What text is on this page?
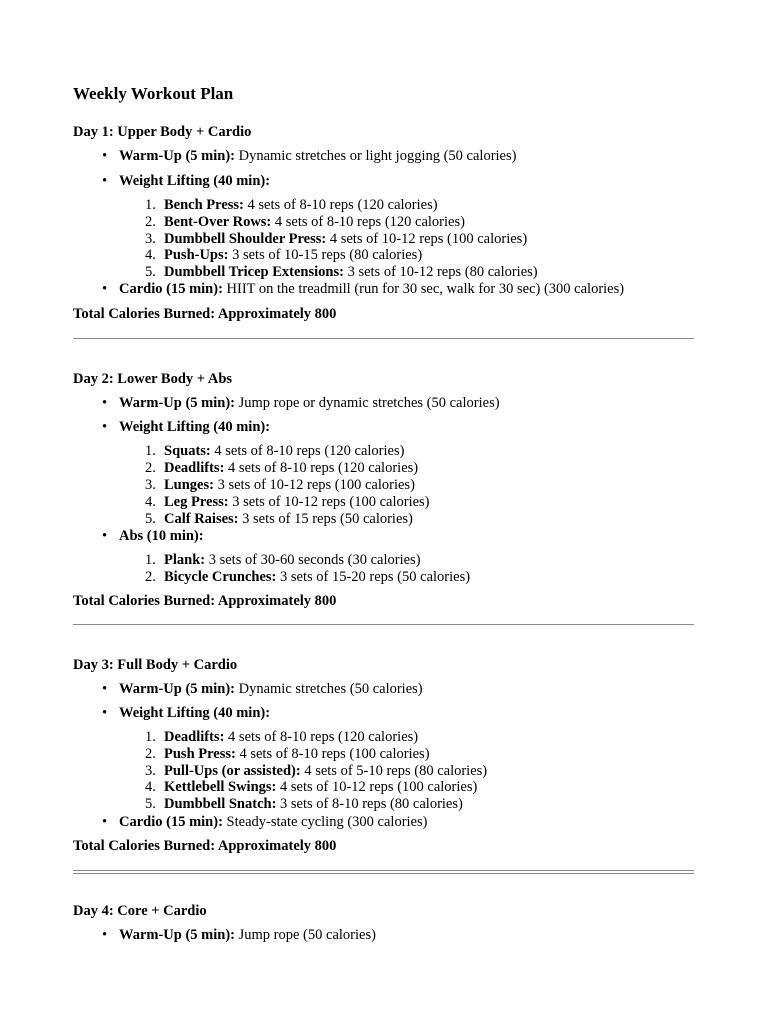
Weekly Workout Plan

Day 1: Upper Body + Cardio

• Warm-Up (5 min): Dynamic stretches or light jogging (50 calories)
• Weight Lifting (40 min):
1. Bench Press: 4 sets of 8-10 reps (120 calories)
2. Bent-Over Rows: 4 sets of 8-10 reps (120 calories)
3. Dumbbell Shoulder Press: 4 sets of 10-12 reps (100 calories)
4. Push-Ups: 3 sets of 10-15 reps (80 calories)
5. Dumbbell Tricep Extensions: 3 sets of 10-12 reps (80 calories)
• Cardio (15 min): HIIT on the treadmill (run for 30 sec, walk for 30 sec) (300 calories)
Total Calories Burned: Approximately 800

Day 2: Lower Body + Abs

• Warm-Up (5 min): Jump rope or dynamic stretches (50 calories)
• Weight Lifting (40 min):
1. Squats: 4 sets of 8-10 reps (120 calories)
2. Deadlifts: 4 sets of 8-10 reps (120 calories)
3. Lunges: 3 sets of 10-12 reps (100 calories)
4. Leg Press: 3 sets of 10-12 reps (100 calories)
5. Calf Raises: 3 sets of 15 reps (50 calories)
• Abs (10 min):
1. Plank: 3 sets of 30-60 seconds (30 calories)
2. Bicycle Crunches: 3 sets of 15-20 reps (50 calories)
Total Calories Burned: Approximately 800

Day 3: Full Body + Cardio

• Warm-Up (5 min): Dynamic stretches (50 calories)
• Weight Lifting (40 min):
1. Deadlifts: 4 sets of 8-10 reps (120 calories)
2. Push Press: 4 sets of 8-10 reps (100 calories)
3. Pull-Ups (or assisted): 4 sets of 5-10 reps (80 calories)
4. Kettlebell Swings: 4 sets of 10-12 reps (100 calories)
5. Dumbbell Snatch: 3 sets of 8-10 reps (80 calories)
• Cardio (15 min): Steady-state cycling (300 calories)
Total Calories Burned: Approximately 800

Day 4: Core + Cardio

• Warm-Up (5 min): Jump rope (50 calories)
